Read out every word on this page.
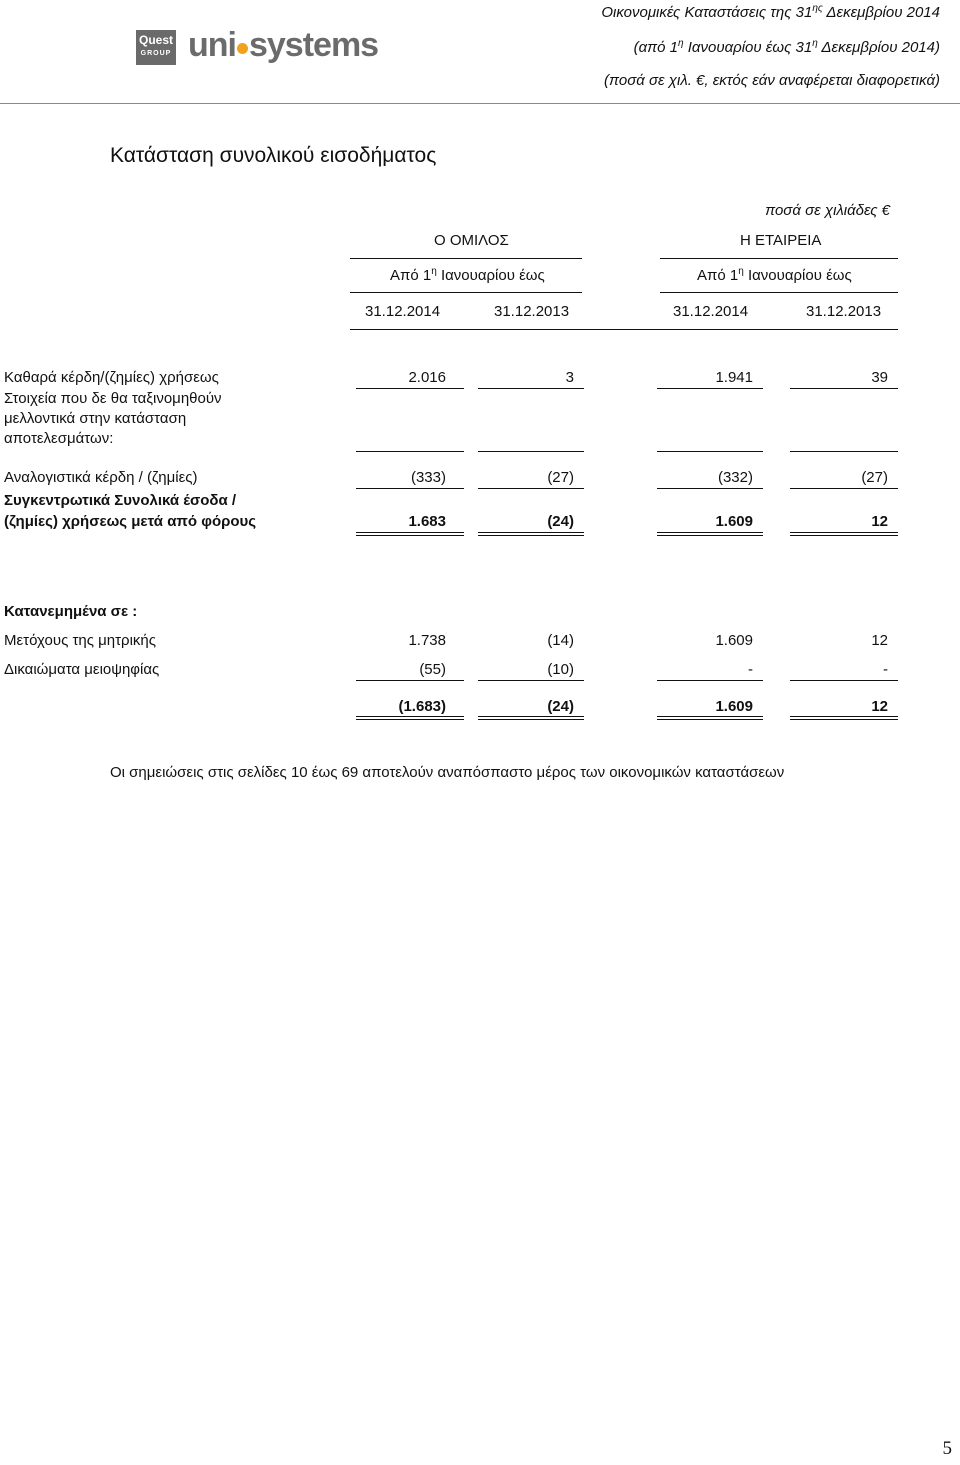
Οικονομικές Καταστάσεις της $31^{\eta\varsigma}$ Δεκεμβρίου 2014
(από $1^\eta$ Ιανουαρίου έως $31^\eta$ Δεκεμβρίου 2014)
(ποσά σε χιλ. €, εκτός εάν αναφέρεται διαφορετικά)
Quest
GROUP uni systems
Κατάσταση συνολικού εισοδήματος
ποσά σε χιλιάδες €
Ο ΟΜΙΛΟΣ	Η ΕΤΑΙΡΕΙΑ
Από $1^\eta$ Ιανουαρίου έως	Από $1^\eta$ Ιανουαρίου έως
31.12.2014	31.12.2013	31.12.2014	31.12.2013
Καθαρά κέρδη/(ζημίες) χρήσεως	2.016	3	1.941	39
Στοιχεία που δε θα ταξινομηθούν
μελλοντικά στην κατάσταση
αποτελεσμάτων:
Αναλογιστικά κέρδη / (ζημίες)	(333)	(27)	(332)	(27)
Συγκεντρωτικά Συνολικά έσοδα /
(ζημίες) χρήσεως μετά από φόρους	1.683	(24)	1.609	12
Κατανεμημένα σε :
Μετόχους της μητρικής	1.738	(14)	1.609	12
Δικαιώματα μειοψηφίας	(55)	(10)	-	-
(1.683)	(24)	1.609	12
Οι σημειώσεις στις σελίδες 10 έως 69 αποτελούν αναπόσπαστο μέρος των οικονομικών καταστάσεων
5
